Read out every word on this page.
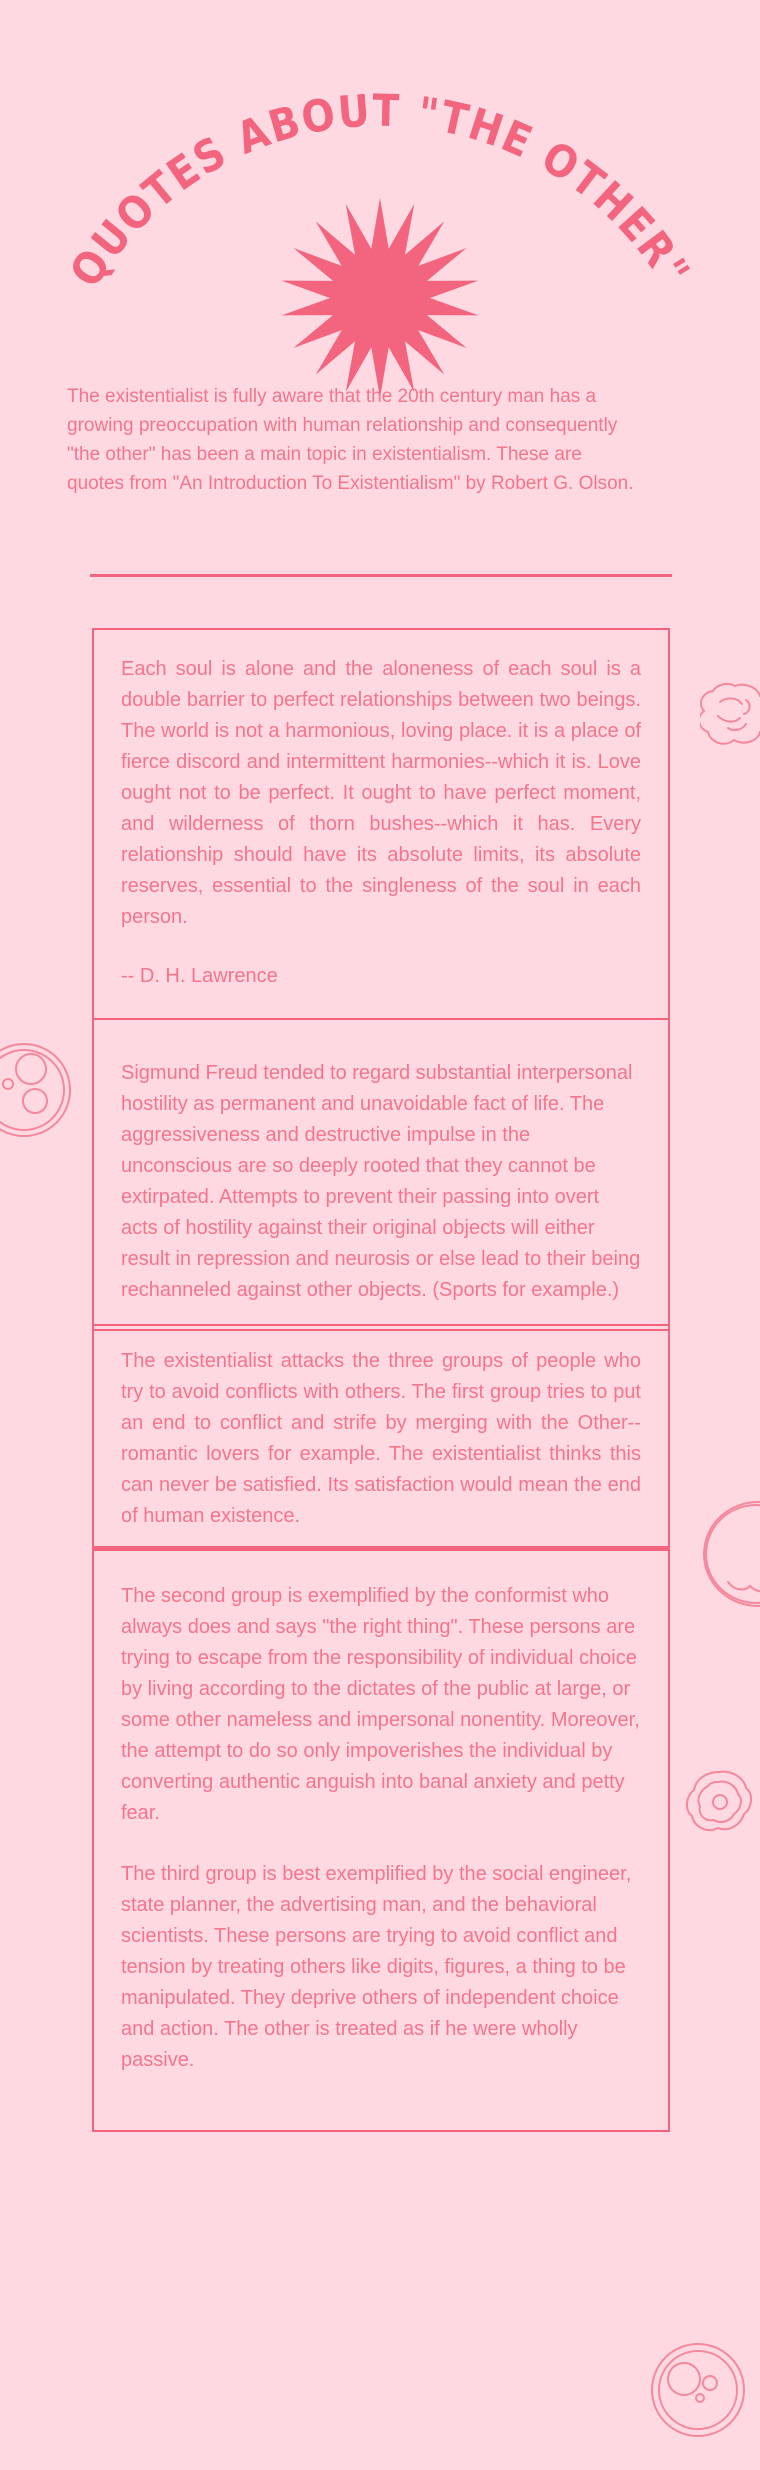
QUOTES ABOUT "THE OTHER"

The existentialist is fully aware that the 20th century man has a growing preoccupation with human relationship and consequently "the other" has been a main topic in existentialism. These are quotes from "An Introduction To Existentialism" by Robert G. Olson.

Each soul is alone and the aloneness of each soul is a double barrier to perfect relationships between two beings. The world is not a harmonious, loving place. it is a place of fierce discord and intermittent harmonies--which it is. Love ought not to be perfect. It ought to have perfect moment, and wilderness of thorn bushes--which it has. Every relationship should have its absolute limits, its absolute reserves, essential to the singleness of the soul in each person.

-- D. H. Lawrence

Sigmund Freud tended to regard substantial interpersonal hostility as permanent and unavoidable fact of life. The aggressiveness and destructive impulse in the unconscious are so deeply rooted that they cannot be extirpated. Attempts to prevent their passing into overt acts of hostility against their original objects will either result in repression and neurosis or else lead to their being rechanneled against other objects. (Sports for example.)

The existentialist attacks the three groups of people who try to avoid conflicts with others. The first group tries to put an end to conflict and strife by merging with the Other--romantic lovers for example. The existentialist thinks this can never be satisfied. Its satisfaction would mean the end of human existence.

The second group is exemplified by the conformist who always does and says "the right thing". These persons are trying to escape from the responsibility of individual choice by living according to the dictates of the public at large, or some other nameless and impersonal nonentity. Moreover, the attempt to do so only impoverishes the individual by converting authentic anguish into banal anxiety and petty fear.

The third group is best exemplified by the social engineer, state planner, the advertising man, and the behavioral scientists. These persons are trying to avoid conflict and tension by treating others like digits, figures, a thing to be manipulated. They deprive others of independent choice and action. The other is treated as if he were wholly passive.
